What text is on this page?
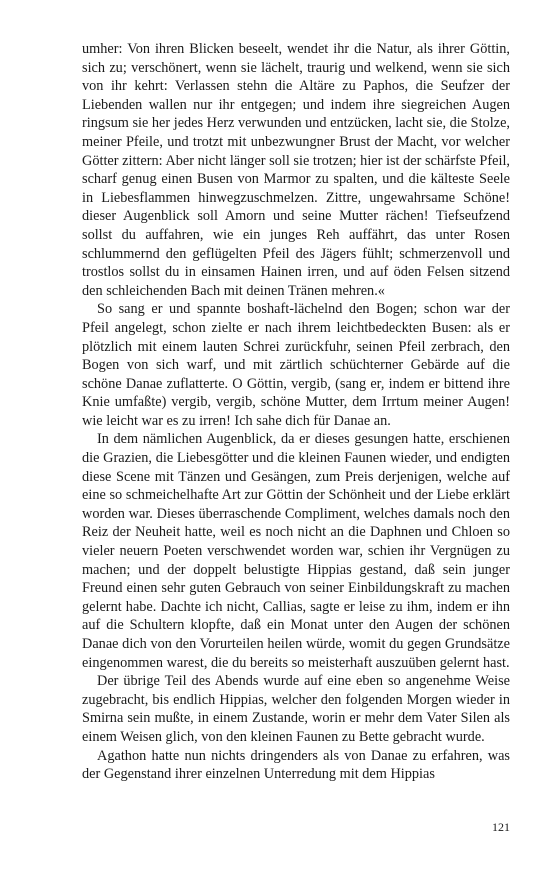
umher: Von ihren Blicken beseelt, wendet ihr die Natur, als ihrer Göttin, sich zu; verschönert, wenn sie lächelt, traurig und welkend, wenn sie sich von ihr kehrt: Verlassen stehn die Altäre zu Paphos, die Seufzer der Liebenden wallen nur ihr entgegen; und indem ihre siegreichen Augen ringsum sie her jedes Herz verwunden und entzücken, lacht sie, die Stolze, meiner Pfeile, und trotzt mit unbezwungner Brust der Macht, vor welcher Götter zittern: Aber nicht länger soll sie trotzen; hier ist der schärfste Pfeil, scharf genug einen Busen von Marmor zu spalten, und die kälteste Seele in Liebesflammen hinwegzuschmelzen. Zittre, ungewahrsame Schöne! dieser Augenblick soll Amorn und seine Mutter rächen! Tiefseufzend sollst du auffahren, wie ein junges Reh auffährt, das unter Rosen schlummernd den geflügelten Pfeil des Jägers fühlt; schmerzenvoll und trostlos sollst du in einsamen Hainen irren, und auf öden Felsen sitzend den schleichenden Bach mit deinen Tränen mehren.«

So sang er und spannte boshaft-lächelnd den Bogen; schon war der Pfeil angelegt, schon zielte er nach ihrem leichtbedeckten Busen: als er plötzlich mit einem lauten Schrei zurückfuhr, seinen Pfeil zerbrach, den Bogen von sich warf, und mit zärtlich schüchterner Gebärde auf die schöne Danae zuflatterte. O Göttin, vergib, (sang er, indem er bittend ihre Knie umfaßte) vergib, vergib, schöne Mutter, dem Irrtum meiner Augen! wie leicht war es zu irren! Ich sahe dich für Danae an.

In dem nämlichen Augenblick, da er dieses gesungen hatte, erschienen die Grazien, die Liebesgötter und die kleinen Faunen wieder, und endigten diese Scene mit Tänzen und Gesängen, zum Preis derjenigen, welche auf eine so schmeichelhafte Art zur Göttin der Schönheit und der Liebe erklärt worden war. Dieses überraschende Compliment, welches damals noch den Reiz der Neuheit hatte, weil es noch nicht an die Daphnen und Chloen so vieler neuern Poeten verschwendet worden war, schien ihr Vergnügen zu machen; und der doppelt belustigte Hippias gestand, daß sein junger Freund einen sehr guten Gebrauch von seiner Einbildungskraft zu machen gelernt habe. Dachte ich nicht, Callias, sagte er leise zu ihm, indem er ihn auf die Schultern klopfte, daß ein Monat unter den Augen der schönen Danae dich von den Vorurteilen heilen würde, womit du gegen Grundsätze eingenommen warest, die du bereits so meisterhaft auszuüben gelernt hast.

Der übrige Teil des Abends wurde auf eine eben so angenehme Weise zugebracht, bis endlich Hippias, welcher den folgenden Morgen wieder in Smirna sein mußte, in einem Zustande, worin er mehr dem Vater Silen als einem Weisen glich, von den kleinen Faunen zu Bette gebracht wurde.

Agathon hatte nun nichts dringenders als von Danae zu erfahren, was der Gegenstand ihrer einzelnen Unterredung mit dem Hippias

121
